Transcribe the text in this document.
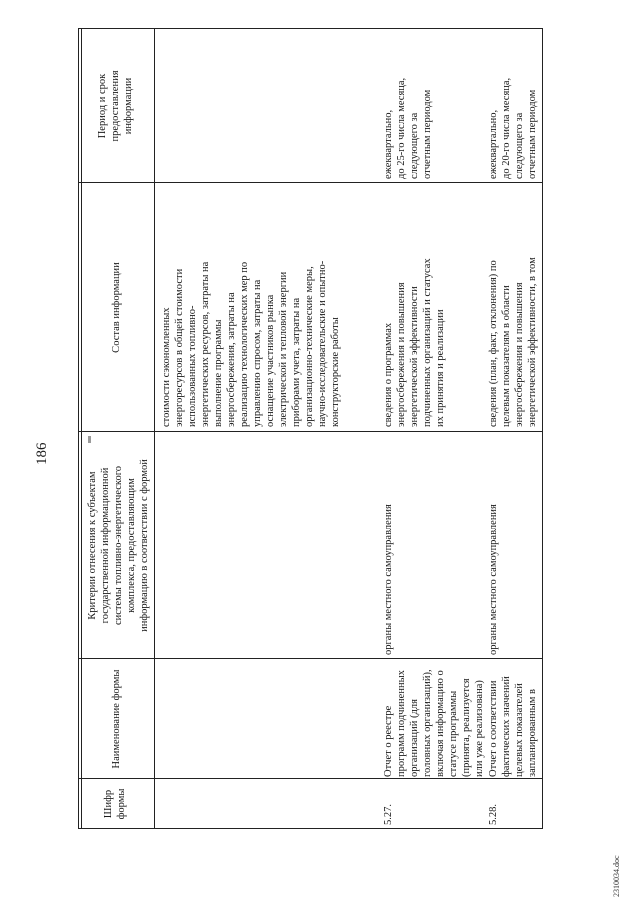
186
Шифр формы
Наименование формы
Критерии отнесения к субъектам государственной информационной системы топливно-энергетического комплекса, предоставляющим информацию в соответствии с формой
Состав информации
Период и срок предоставления информации
стоимости сэкономленных энергоресурсов в общей стоимости использованных топливно- энергетических ресурсов, затраты на выполнение программы энергосбережения, затраты на реализацию технологических мер по управлению спросом, затраты на оснащение участников рынка электрической и тепловой энергии приборами учета, затраты на организационно-технические меры, научно-исследовательские и опытно- конструкторские работы
5.27.
Отчет о реестре программ подчиненных организаций (для головных организаций), включая информацию о статусе программы (принята, реализуется или уже реализована)
органы местного самоуправления
сведения о программах энергосбережения и повышения энергетической эффективности подчиненных организаций и статусах их принятия и реализации
ежеквартально, до 25-го числа месяца, следующего за отчетным периодом
5.28.
Отчет о соответствии фактических значений целевых показателей запланированным в
органы местного самоуправления
сведения (план, факт, отклонения) по целевым показателям в области энергосбережения и повышения энергетической эффективности, в том
ежеквартально, до 20-го числа месяца, следующего за отчетным периодом
2310034.doc
